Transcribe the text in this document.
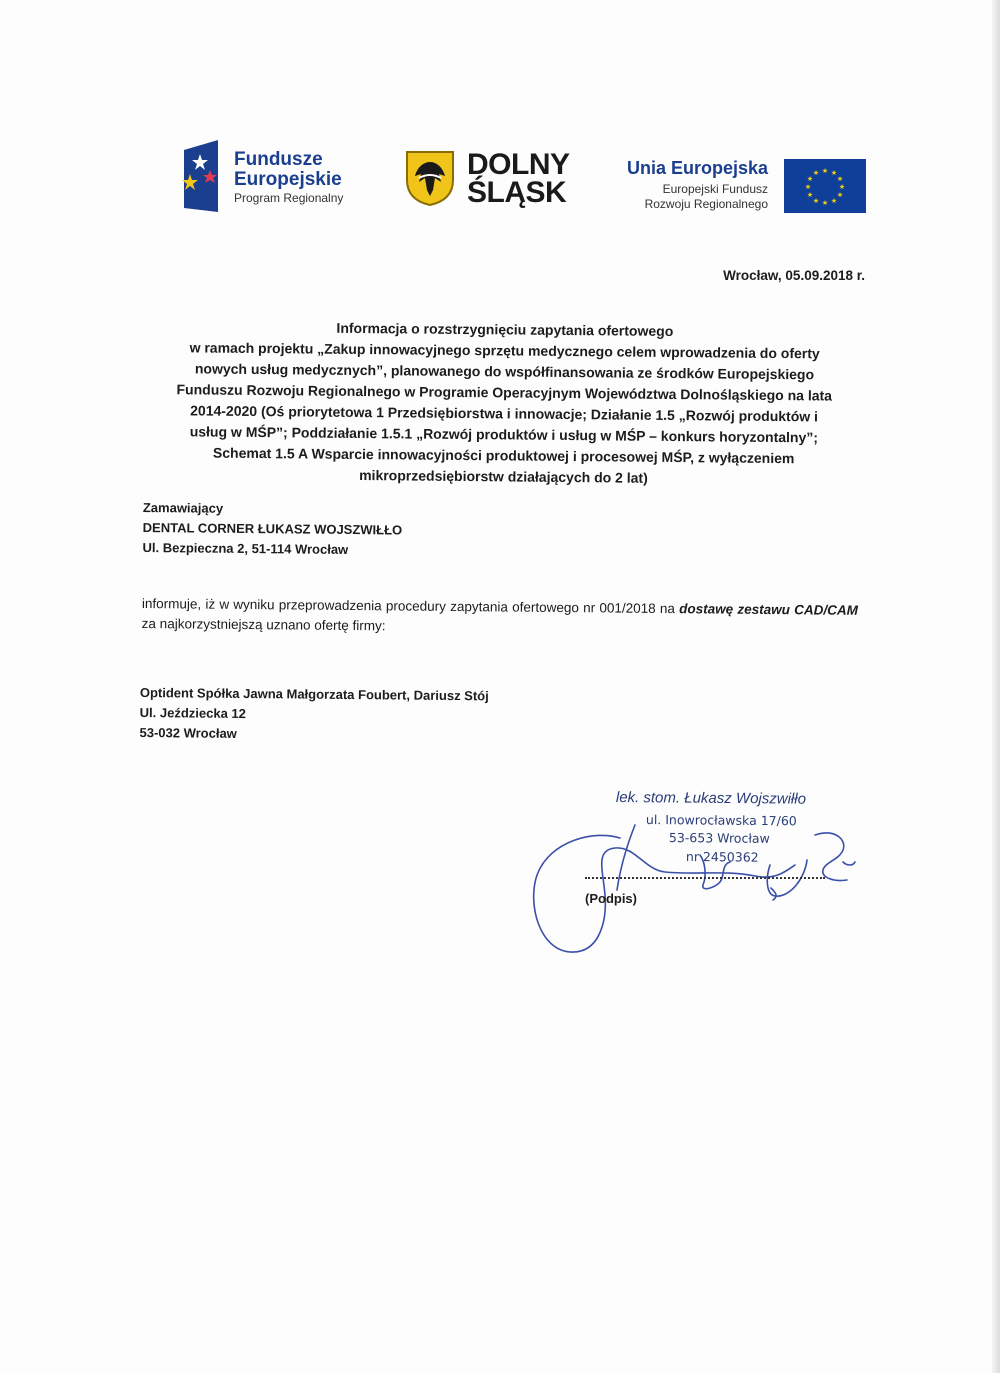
Fundusze
Europejskie
Program Regionalny
DOLNY
ŚLĄSK
Unia Europejska
Europejski Fundusz
Rozwoju Regionalnego
★ ★
★
★
★
★
★
★
★
★
★
★
Wrocław, 05.09.2018 r.
Informacja o rozstrzygnięciu zapytania ofertowego
w ramach projektu „Zakup innowacyjnego sprzętu medycznego celem wprowadzenia do oferty
nowych usług medycznych”, planowanego do współfinansowania ze środków Europejskiego
Funduszu Rozwoju Regionalnego w Programie Operacyjnym Województwa Dolnośląskiego na lata
2014-2020 (Oś priorytetowa 1 Przedsiębiorstwa i innowacje; Działanie 1.5 „Rozwój produktów i
usług w MŚP”; Poddziałanie 1.5.1 „Rozwój produktów i usług w MŚP – konkurs horyzontalny”;
Schemat 1.5 A Wsparcie innowacyjności produktowej i procesowej MŚP, z wyłączeniem
mikroprzedsiębiorstw działających do 2 lat)
Zamawiający
DENTAL CORNER ŁUKASZ WOJSZWIŁŁO
Ul. Bezpieczna 2, 51-114 Wrocław
informuje, iż w wyniku przeprowadzenia procedury zapytania ofertowego nr 001/2018 na dostawę zestawu CAD/CAM za najkorzystniejszą uznano ofertę firmy:
Optident Spółka Jawna Małgorzata Foubert, Dariusz Stój
Ul. Jeździecka 12
53-032 Wrocław
lek. stom. Łukasz Wojszwiłło
ul. Inowrocławska 17/60
53-653 Wrocław
nr 2450362
(Podpis)
